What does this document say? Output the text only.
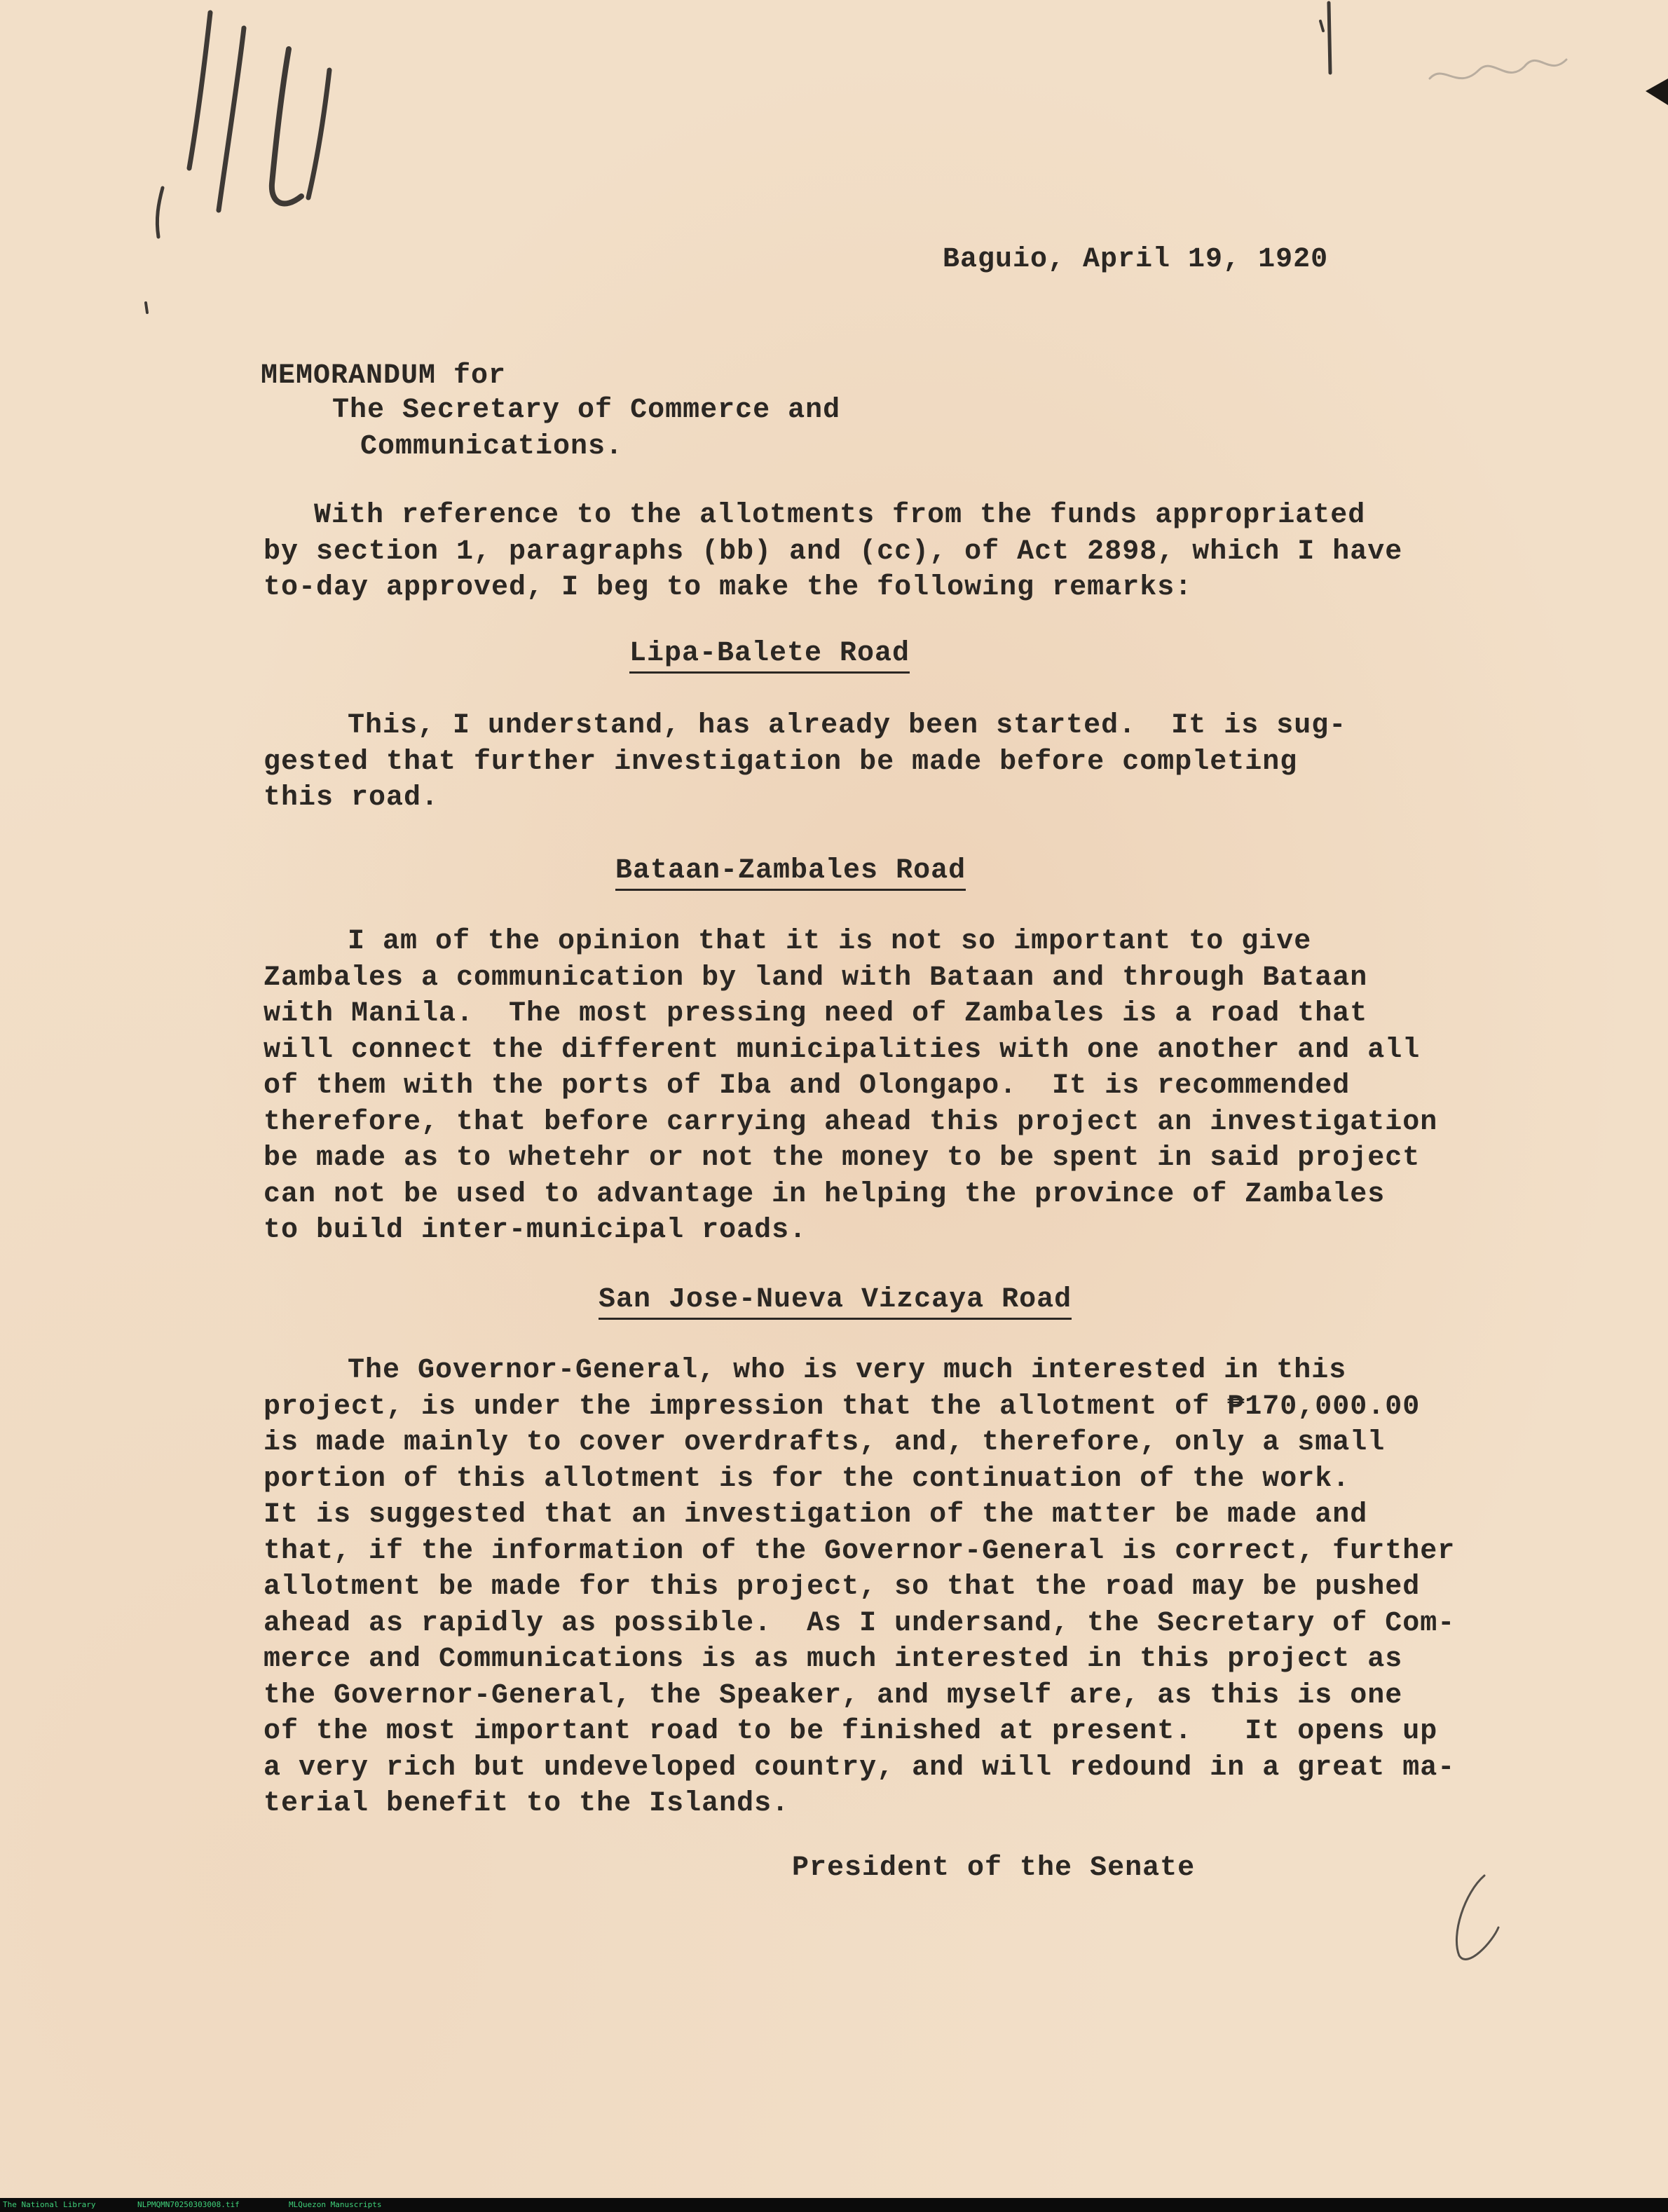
Baguio, April 19, 1920

MEMORANDUM for

The Secretary of Commerce and
Communications.
With reference to the allotments from the funds appropriated
by section 1, paragraphs (bb) and (cc), of Act 2898, which I have
to-day approved, I beg to make the following remarks:

Lipa-Balete Road

This, I understand, has already been started.  It is sug-
gested that further investigation be made before completing
this road.

Bataan-Zambales Road

I am of the opinion that it is not so important to give
Zambales a communication by land with Bataan and through Bataan
with Manila.  The most pressing need of Zambales is a road that
will connect the different municipalities with one another and all
of them with the ports of Iba and Olongapo.  It is recommended
therefore, that before carrying ahead this project an investigation
be made as to whetehr or not the money to be spent in said project
can not be used to advantage in helping the province of Zambales
to build inter-municipal roads.

San Jose-Nueva Vizcaya Road

The Governor-General, who is very much interested in this
project, is under the impression that the allotment of ₱170,000.00
is made mainly to cover overdrafts, and, therefore, only a small
portion of this allotment is for the continuation of the work.
It is suggested that an investigation of the matter be made and
that, if the information of the Governor-General is correct, further
allotment be made for this project, so that the road may be pushed
ahead as rapidly as possible.  As I undersand, the Secretary of Com-
merce and Communications is as much interested in this project as
the Governor-General, the Speaker, and myself are, as this is one
of the most important road to be finished at present.   It opens up
a very rich but undeveloped country, and will redound in a great ma-
terial benefit to the Islands.

President of the Senate

The National Library

	NLPMQMN70250303008.tif

	MLQuezon Manuscripts
